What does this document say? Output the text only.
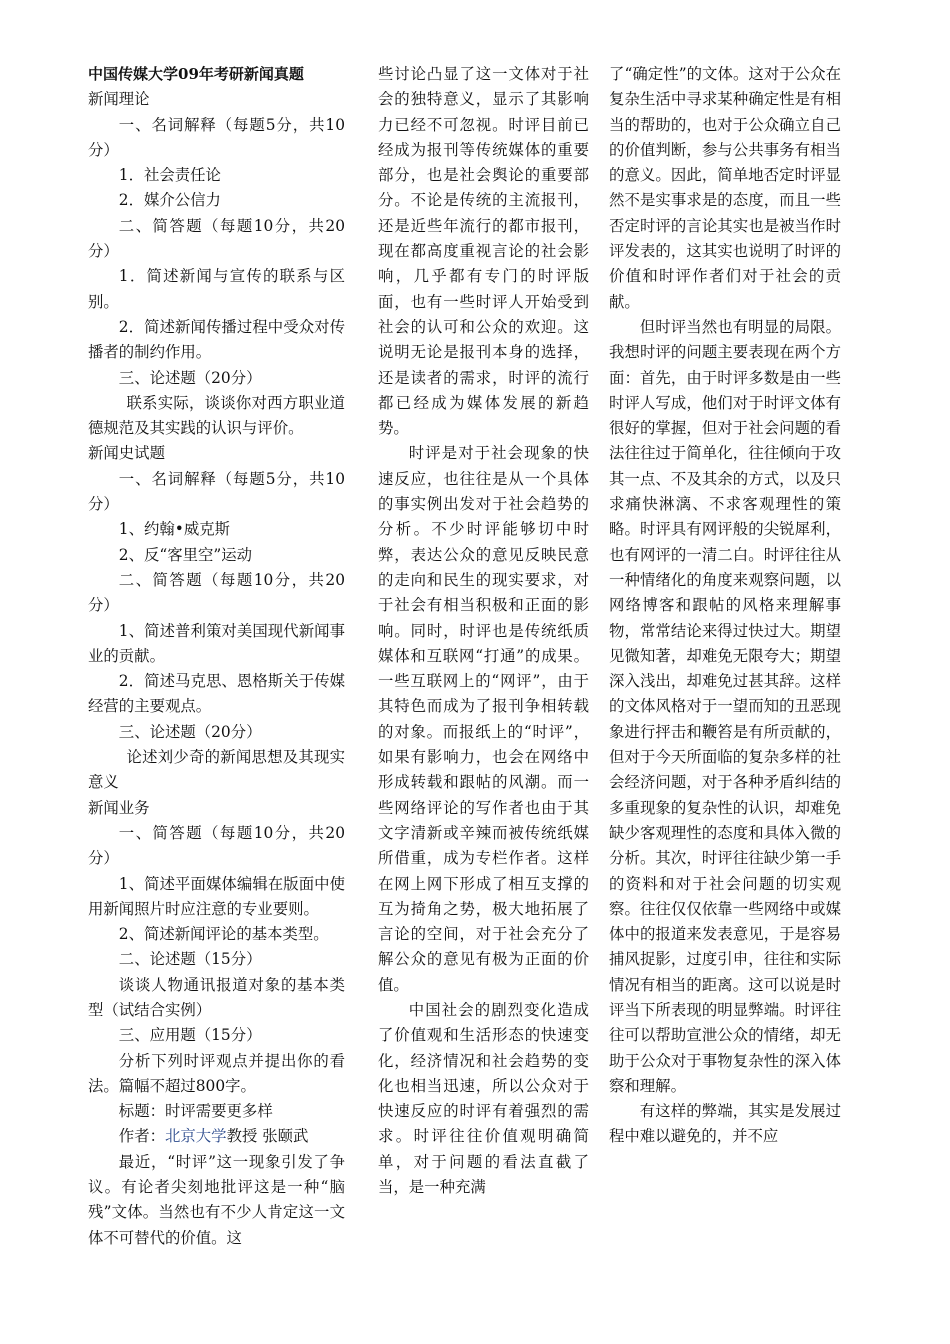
中国传媒大学09年考研新闻真题

新闻理论

一、名词解释（每题5分，共10分）

1．社会责任论

2．媒介公信力

二、简答题（每题10分，共20分）

1．简述新闻与宣传的联系与区别。

2．简述新闻传播过程中受众对传播者的制约作用。

三、论述题（20分）

联系实际，谈谈你对西方职业道德规范及其实践的认识与评价。

新闻史试题

一、名词解释（每题5分，共10分）

1、约翰•威克斯

2、反“客里空”运动

二、简答题（每题10分，共20分）

1、简述普利策对美国现代新闻事业的贡献。

2．简述马克思、恩格斯关于传媒经营的主要观点。

三、论述题（20分）

论述刘少奇的新闻思想及其现实意义

新闻业务

一、简答题（每题10分，共20分）

1、简述平面媒体编辑在版面中使用新闻照片时应注意的专业要则。

2、简述新闻评论的基本类型。

二、论述题（15分）

谈谈人物通讯报道对象的基本类型（试结合实例）

三、应用题（15分）

分析下列时评观点并提出你的看法。篇幅不超过800字。

标题：时评需要更多样

作者：北京大学教授 张颐武

最近，“时评”这一现象引发了争议。有论者尖刻地批评这是一种“脑残”文体。当然也有不少人肯定这一文体不可替代的价值。这

些讨论凸显了这一文体对于社会的独特意义，显示了其影响力已经不可忽视。时评目前已经成为报刊等传统媒体的重要部分，也是社会舆论的重要部分。不论是传统的主流报刊，还是近些年流行的都市报刊，现在都高度重视言论的社会影响，几乎都有专门的时评版面，也有一些时评人开始受到社会的认可和公众的欢迎。这说明无论是报刊本身的选择，还是读者的需求，时评的流行都已经成为媒体发展的新趋势。

时评是对于社会现象的快速反应，也往往是从一个具体的事实例出发对于社会趋势的分析。不少时评能够切中时弊，表达公众的意见反映民意的走向和民生的现实要求，对于社会有相当积极和正面的影响。同时，时评也是传统纸质媒体和互联网“打通”的成果。一些互联网上的“网评”，由于其特色而成为了报刊争相转载的对象。而报纸上的“时评”，如果有影响力，也会在网络中形成转载和跟帖的风潮。而一些网络评论的写作者也由于其文字清新或辛辣而被传统纸媒所借重，成为专栏作者。这样在网上网下形成了相互支撑的互为掎角之势，极大地拓展了言论的空间，对于社会充分了解公众的意见有极为正面的价值。

中国社会的剧烈变化造成了价值观和生活形态的快速变化，经济情况和社会趋势的变化也相当迅速，所以公众对于快速反应的时评有着强烈的需求。时评往往价值观明确简单，对于问题的看法直截了当，是一种充满

了“确定性”的文体。这对于公众在复杂生活中寻求某种确定性是有相当的帮助的，也对于公众确立自己的价值判断，参与公共事务有相当的意义。因此，简单地否定时评显然不是实事求是的态度，而且一些否定时评的言论其实也是被当作时评发表的，这其实也说明了时评的价值和时评作者们对于社会的贡献。

但时评当然也有明显的局限。我想时评的问题主要表现在两个方面：首先，由于时评多数是由一些时评人写成，他们对于时评文体有很好的掌握，但对于社会问题的看法往往过于简单化，往往倾向于攻其一点、不及其余的方式，以及只求痛快淋漓、不求客观理性的策略。时评具有网评般的尖锐犀利，也有网评的一清二白。时评往往从一种情绪化的角度来观察问题，以网络博客和跟帖的风格来理解事物，常常结论来得过快过大。期望见微知著，却难免无限夸大；期望深入浅出，却难免过甚其辞。这样的文体风格对于一望而知的丑恶现象进行抨击和鞭笞是有所贡献的，但对于今天所面临的复杂多样的社会经济问题，对于各种矛盾纠结的多重现象的复杂性的认识，却难免缺少客观理性的态度和具体入微的分析。其次，时评往往缺少第一手的资料和对于社会问题的切实观察。往往仅仅依靠一些网络中或媒体中的报道来发表意见，于是容易捕风捉影，过度引申，往往和实际情况有相当的距离。这可以说是时评当下所表现的明显弊端。时评往往可以帮助宣泄公众的情绪，却无助于公众对于事物复杂性的深入体察和理解。

有这样的弊端，其实是发展过程中难以避免的，并不应
